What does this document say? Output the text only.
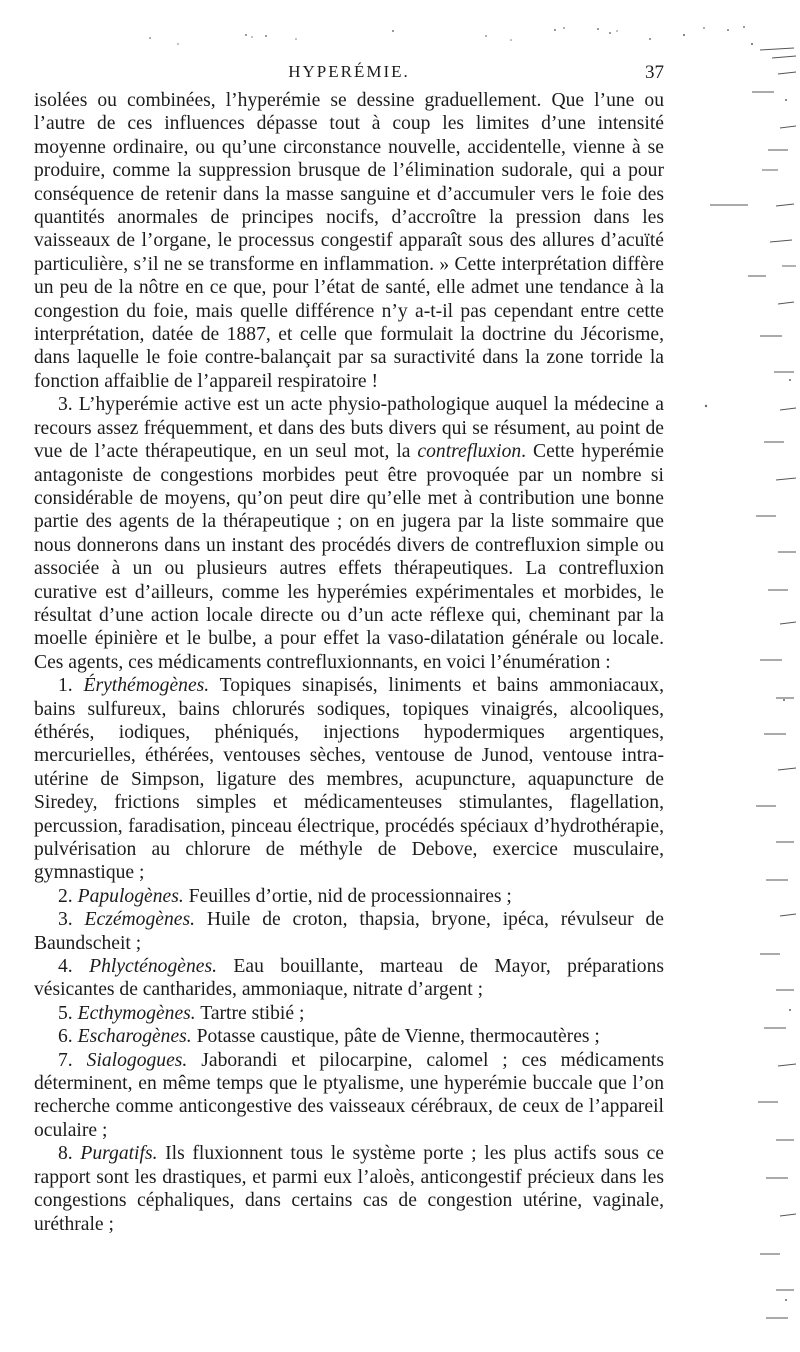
HYPERÉMIE.	37

isolées ou combinées, l’hyperémie se dessine graduellement. Que l’une ou l’autre de ces influences dépasse tout à coup les limites d’une intensité moyenne ordinaire, ou qu’une circonstance nouvelle, accidentelle, vienne à se produire, comme la suppression brusque de l’élimination sudorale, qui a pour conséquence de retenir dans la masse sanguine et d’accumuler vers le foie des quantités anormales de principes nocifs, d’accroître la pression dans les vaisseaux de l’organe, le processus congestif apparaît sous des allures d’acuïté particulière, s’il ne se transforme en inflammation. » Cette interprétation diffère un peu de la nôtre en ce que, pour l’état de santé, elle admet une tendance à la congestion du foie, mais quelle différence n’y a-t-il pas cependant entre cette interprétation, datée de 1887, et celle que formulait la doctrine du Jécorisme, dans laquelle le foie contre-balançait par sa suractivité dans la zone torride la fonction affaiblie de l’appareil respiratoire !

3. L’hyperémie active est un acte physio-pathologique auquel la médecine a recours assez fréquemment, et dans des buts divers qui se résument, au point de vue de l’acte thérapeutique, en un seul mot, la contrefluxion. Cette hyperémie antagoniste de congestions morbides peut être provoquée par un nombre si considérable de moyens, qu’on peut dire qu’elle met à contribution une bonne partie des agents de la thérapeutique ; on en jugera par la liste sommaire que nous donnerons dans un instant des procédés divers de contrefluxion simple ou associée à un ou plusieurs autres effets thérapeutiques. La contrefluxion curative est d’ailleurs, comme les hyperémies expérimentales et morbides, le résultat d’une action locale directe ou d’un acte réflexe qui, cheminant par la moelle épinière et le bulbe, a pour effet la vaso-dilatation générale ou locale. Ces agents, ces médicaments contrefluxionnants, en voici l’énumération :

1. Érythémogènes. Topiques sinapisés, liniments et bains ammoniacaux, bains sulfureux, bains chlorurés sodiques, topiques vinaigrés, alcooliques, éthérés, iodiques, phéniqués, injections hypodermiques argentiques, mercurielles, éthérées, ventouses sèches, ventouse de Junod, ventouse intra-utérine de Simpson, ligature des membres, acupuncture, aquapuncture de Siredey, frictions simples et médicamenteuses stimulantes, flagellation, percussion, faradisation, pinceau électrique, procédés spéciaux d’hydrothérapie, pulvérisation au chlorure de méthyle de Debove, exercice musculaire, gymnastique ;

2. Papulogènes. Feuilles d’ortie, nid de processionnaires ;

3. Eczémogènes. Huile de croton, thapsia, bryone, ipéca, révulseur de Baundscheit ;

4. Phlycténogènes. Eau bouillante, marteau de Mayor, préparations vésicantes de cantharides, ammoniaque, nitrate d’argent ;

5. Ecthymogènes. Tartre stibié ;

6. Escharogènes. Potasse caustique, pâte de Vienne, thermocautères ;

7. Sialogogues. Jaborandi et pilocarpine, calomel ; ces médicaments déterminent, en même temps que le ptyalisme, une hyperémie buccale que l’on recherche comme anticongestive des vaisseaux cérébraux, de ceux de l’appareil oculaire ;

8. Purgatifs. Ils fluxionnent tous le système porte ; les plus actifs sous ce rapport sont les drastiques, et parmi eux l’aloès, anticongestif précieux dans les congestions céphaliques, dans certains cas de congestion utérine, vaginale, uréthrale ;
